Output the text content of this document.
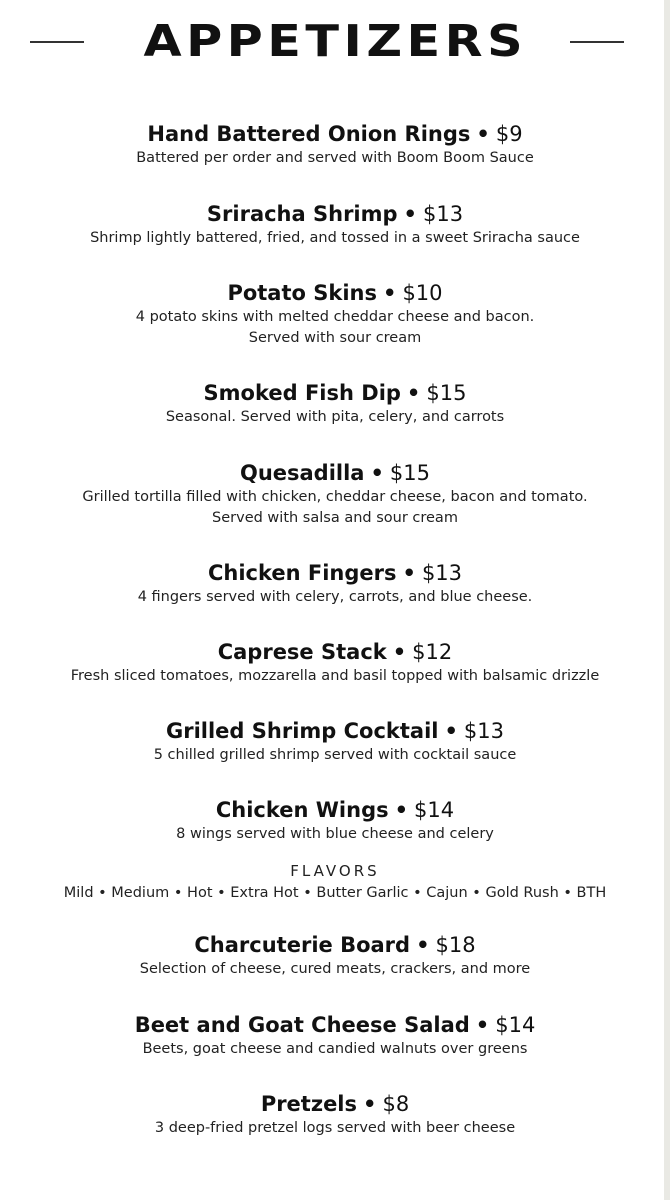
APPETIZERS
Hand Battered Onion Rings • $9
Battered per order and served with Boom Boom Sauce
Sriracha Shrimp • $13
Shrimp lightly battered, fried, and tossed in a sweet Sriracha sauce
Potato Skins • $10
4 potato skins with melted cheddar cheese and bacon.
Served with sour cream
Smoked Fish Dip • $15
Seasonal. Served with pita, celery, and carrots
Quesadilla • $15
Grilled tortilla filled with chicken, cheddar cheese, bacon and tomato.
Served with salsa and sour cream
Chicken Fingers • $13
4 fingers served with celery, carrots, and blue cheese.
Caprese Stack • $12
Fresh sliced tomatoes, mozzarella and basil topped with balsamic drizzle
Grilled Shrimp Cocktail • $13
5 chilled grilled shrimp served with cocktail sauce
Chicken Wings • $14
8 wings served with blue cheese and celery
FLAVORS
Mild • Medium • Hot • Extra Hot • Butter Garlic • Cajun • Gold Rush • BTH
Charcuterie Board • $18
Selection of cheese, cured meats, crackers, and more
Beet and Goat Cheese Salad • $14
Beets, goat cheese and candied walnuts over greens
Pretzels • $8
3 deep-fried pretzel logs served with beer cheese
